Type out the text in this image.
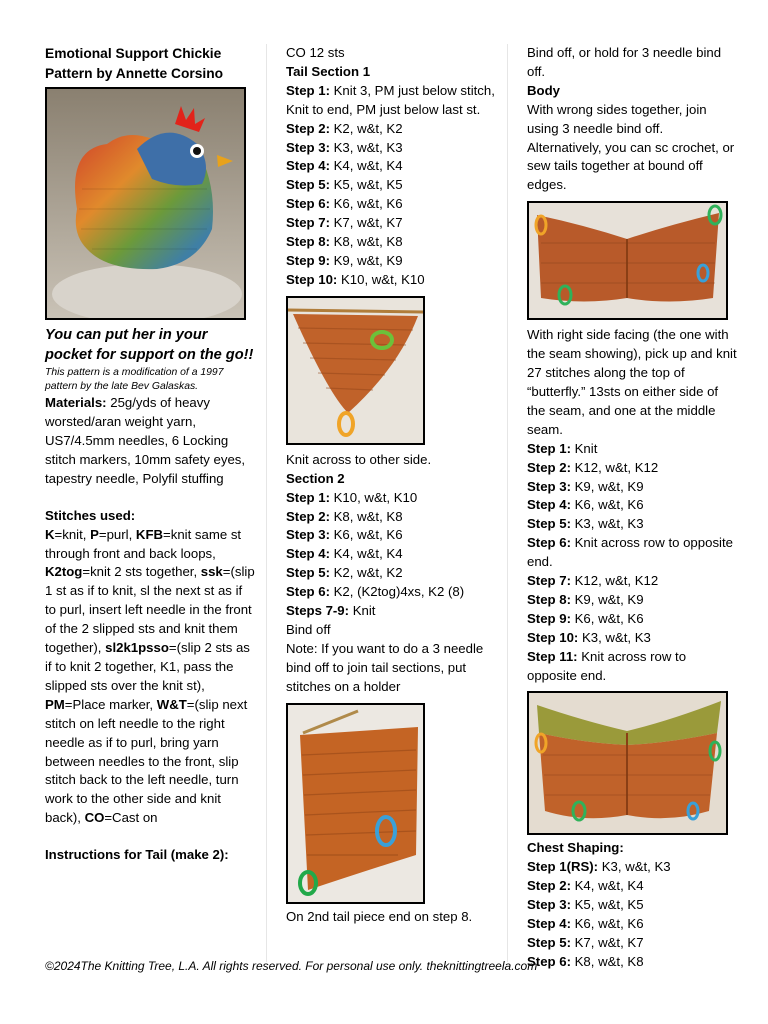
Emotional Support Chickie
Pattern by Annette Corsino
You can put her in your pocket for support on the go!!
This pattern is a modification of a 1997 pattern by the late Bev Galaskas.
Materials: 25g/yds of heavy worsted/aran weight yarn, US7/4.5mm needles, 6 Locking stitch markers, 10mm safety eyes, tapestry needle, Polyfil stuffing
Stitches used:
K=knit, P=purl, KFB=knit same st through front and back loops, K2tog=knit 2 sts together, ssk=(slip 1 st as if to knit, sl the next st as if to purl, insert left needle in the front of the 2 slipped sts and knit them together), sl2k1psso=(slip 2 sts as if to knit 2 together, K1, pass the slipped sts over the knit st), PM=Place marker, W&T=(slip next stitch on left needle to the right needle as if to purl, bring yarn between needles to the front, slip stitch back to the left needle, turn work to the other side and knit back), CO=Cast on
Instructions for Tail (make 2):
CO 12 sts
Tail Section 1
Step 1: Knit 3, PM just below stitch, Knit to end, PM just below last st.
Step 2: K2, w&t, K2
Step 3: K3, w&t, K3
Step 4: K4, w&t, K4
Step 5: K5, w&t, K5
Step 6: K6, w&t, K6
Step 7: K7, w&t, K7
Step 8: K8, w&t, K8
Step 9: K9, w&t, K9
Step 10: K10, w&t, K10
Knit across to other side.
Section 2
Step 1: K10, w&t, K10
Step 2: K8, w&t, K8
Step 3: K6, w&t, K6
Step 4: K4, w&t, K4
Step 5: K2, w&t, K2
Step 6: K2, (K2tog)4xs, K2 (8)
Steps 7-9: Knit
Bind off
Note: If you want to do a 3 needle bind off to join tail sections, put stitches on a holder
On 2nd tail piece end on step 8.
Bind off, or hold for 3 needle bind off.
Body
With wrong sides together, join using 3 needle bind off. Alternatively, you can sc crochet, or sew tails together at bound off edges.
With right side facing (the one with the seam showing), pick up and knit 27 stitches along the top of “butterfly.” 13sts on either side of the seam, and one at the middle seam.
Step 1: Knit
Step 2: K12, w&t, K12
Step 3: K9, w&t, K9
Step 4: K6, w&t, K6
Step 5: K3, w&t, K3
Step 6: Knit across row to opposite end.
Step 7: K12, w&t, K12
Step 8: K9, w&t, K9
Step 9: K6, w&t, K6
Step 10: K3, w&t, K3
Step 11: Knit across row to opposite end.
Chest Shaping:
Step 1(RS): K3, w&t, K3
Step 2: K4, w&t, K4
Step 3: K5, w&t, K5
Step 4: K6, w&t, K6
Step 5: K7, w&t, K7
Step 6: K8, w&t, K8
©2024The Knitting Tree, L.A. All rights reserved. For personal use only. theknittingtreela.com
